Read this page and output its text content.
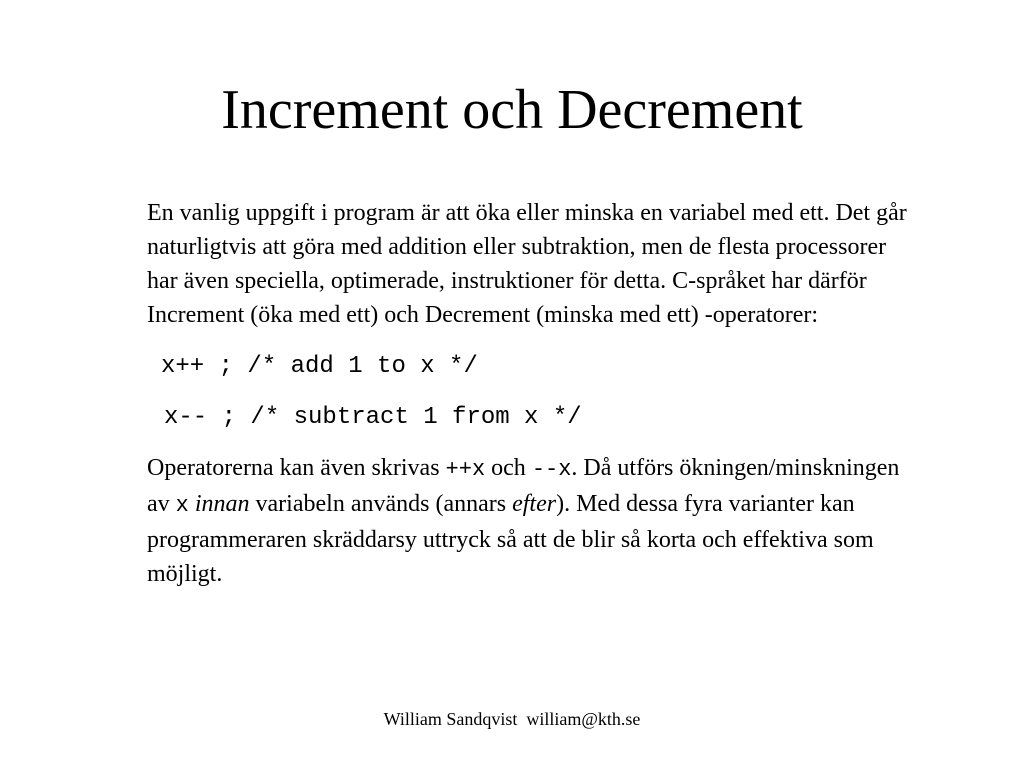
Increment och Decrement

En vanlig uppgift i program är att öka eller minska en variabel med ett. Det går naturligtvis att göra med addition eller subtraktion, men de flesta processorer har även speciella, optimerade, instruktioner för detta. C-språket har därför Increment (öka med ett) och Decrement (minska med ett) -operatorer:

x++ ; /* add 1 to x */
x-- ; /* subtract 1 from x */

Operatorerna kan även skrivas ++x och --x. Då utförs ökningen/minskningen av x innan variabeln används (annars efter). Med dessa fyra varianter kan programmeraren skräddarsy uttryck så att de blir så korta och effektiva som möjligt.

William Sandqvist  william@kth.se
